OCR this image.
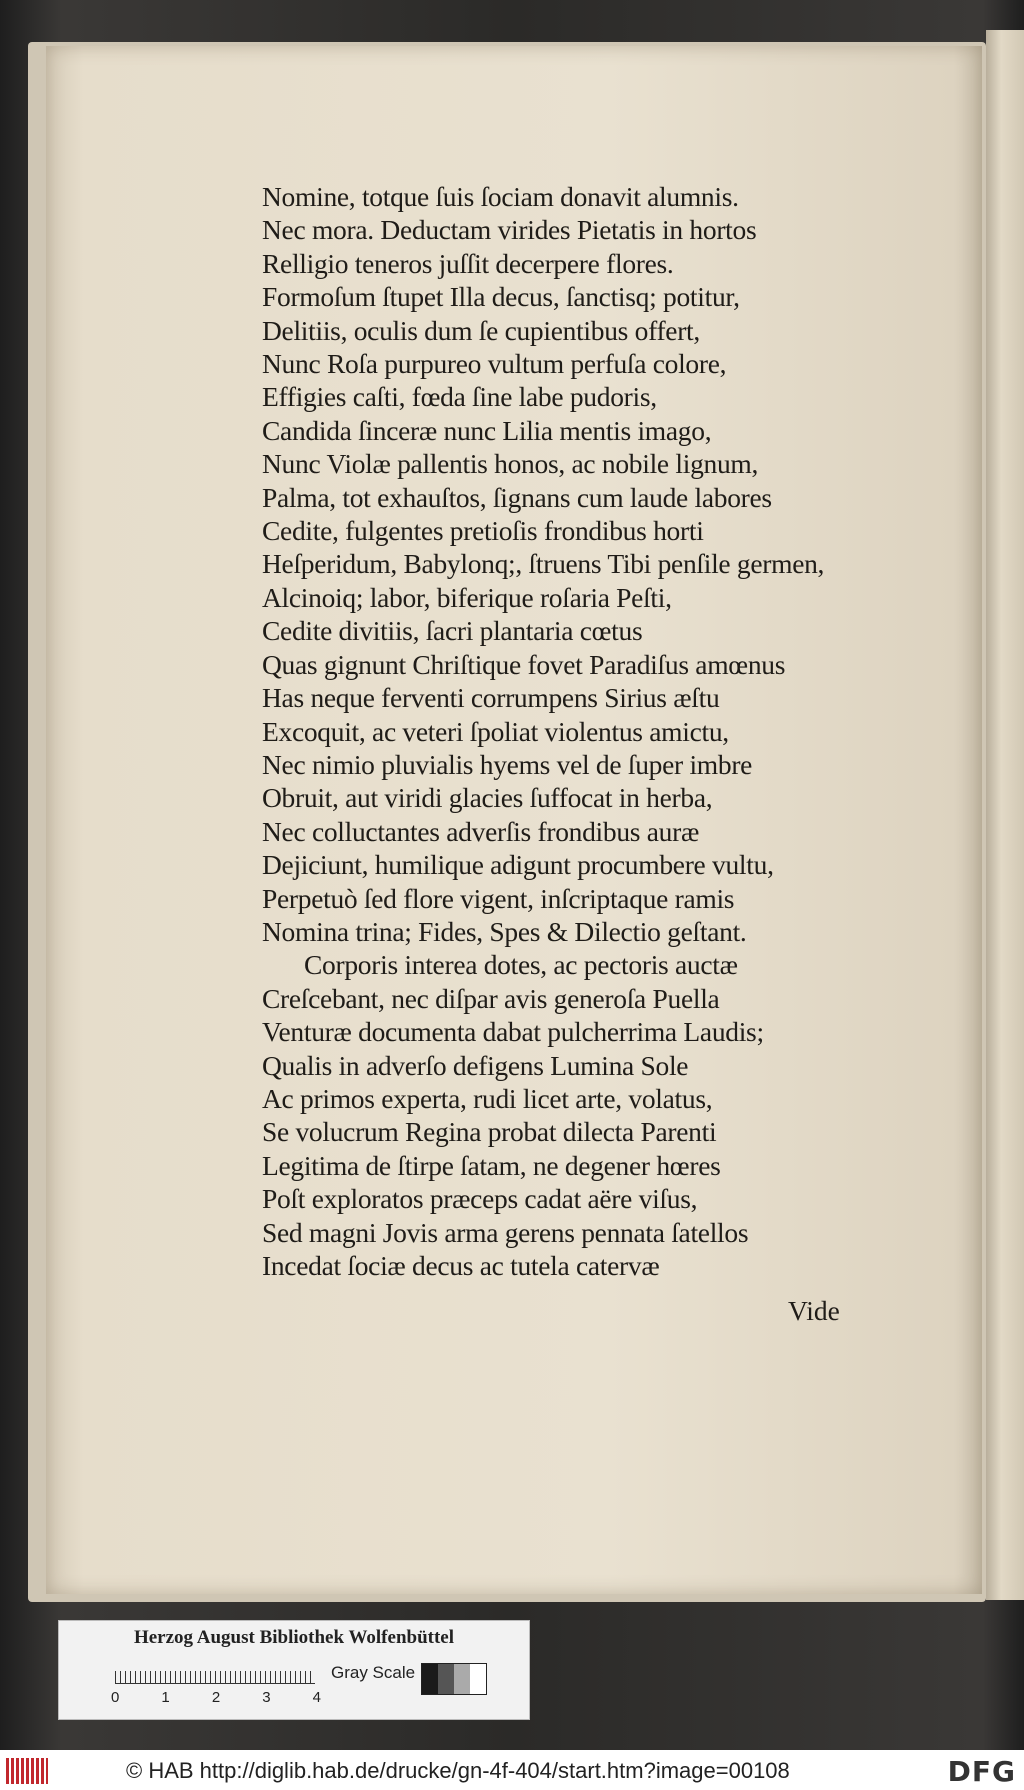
Nomine, totque ſuis ſociam donavit alumnis.
Nec mora. Deductam virides Pietatis in hortos
Relligio teneros juſſit decerpere flores.
Formoſum ſtupet Illa decus, ſanctisq; potitur,
Delitiis, oculis dum ſe cupientibus offert,
Nunc Roſa purpureo vultum perfuſa colore,
Effigies caſti, fœda ſine labe pudoris,
Candida ſinceræ nunc Lilia mentis imago,
Nunc Violæ pallentis honos, ac nobile lignum,
Palma, tot exhauſtos, ſignans cum laude labores
Cedite, fulgentes pretioſis frondibus horti
Heſperidum, Babylonq;, ſtruens Tibi penſile germen,
Alcinoiq; labor, biferique roſaria Peſti,
Cedite divitiis, ſacri plantaria cœtus
Quas gignunt Chriſtique fovet Paradiſus amœnus
Has neque ferventi corrumpens Sirius æſtu
Excoquit, ac veteri ſpoliat violentus amictu,
Nec nimio pluvialis hyems vel de ſuper imbre
Obruit, aut viridi glacies ſuffocat in herba,
Nec colluctantes adverſis frondibus auræ
Dejiciunt, humilique adigunt procumbere vultu,
Perpetuò ſed flore vigent, inſcriptaque ramis
Nomina trina; Fides, Spes & Dilectio geſtant.
Corporis interea dotes, ac pectoris auctæ
Creſcebant, nec diſpar avis generoſa Puella
Venturæ documenta dabat pulcherrima Laudis;
Qualis in adverſo defigens Lumina Sole
Ac primos experta, rudi licet arte, volatus,
Se volucrum Regina probat dilecta Parenti
Legitima de ſtirpe ſatam, ne degener hœres
Poſt exploratos præceps cadat aëre viſus,
Sed magni Jovis arma gerens pennata ſatellos
Incedat ſociæ decus ac tutela catervæ
Vide
Herzog August Bibliothek Wolfenbüttel
0	1	2	3	4
Gray Scale
© HAB http://diglib.hab.de/drucke/gn-4f-404/start.htm?image=00108	DFG
